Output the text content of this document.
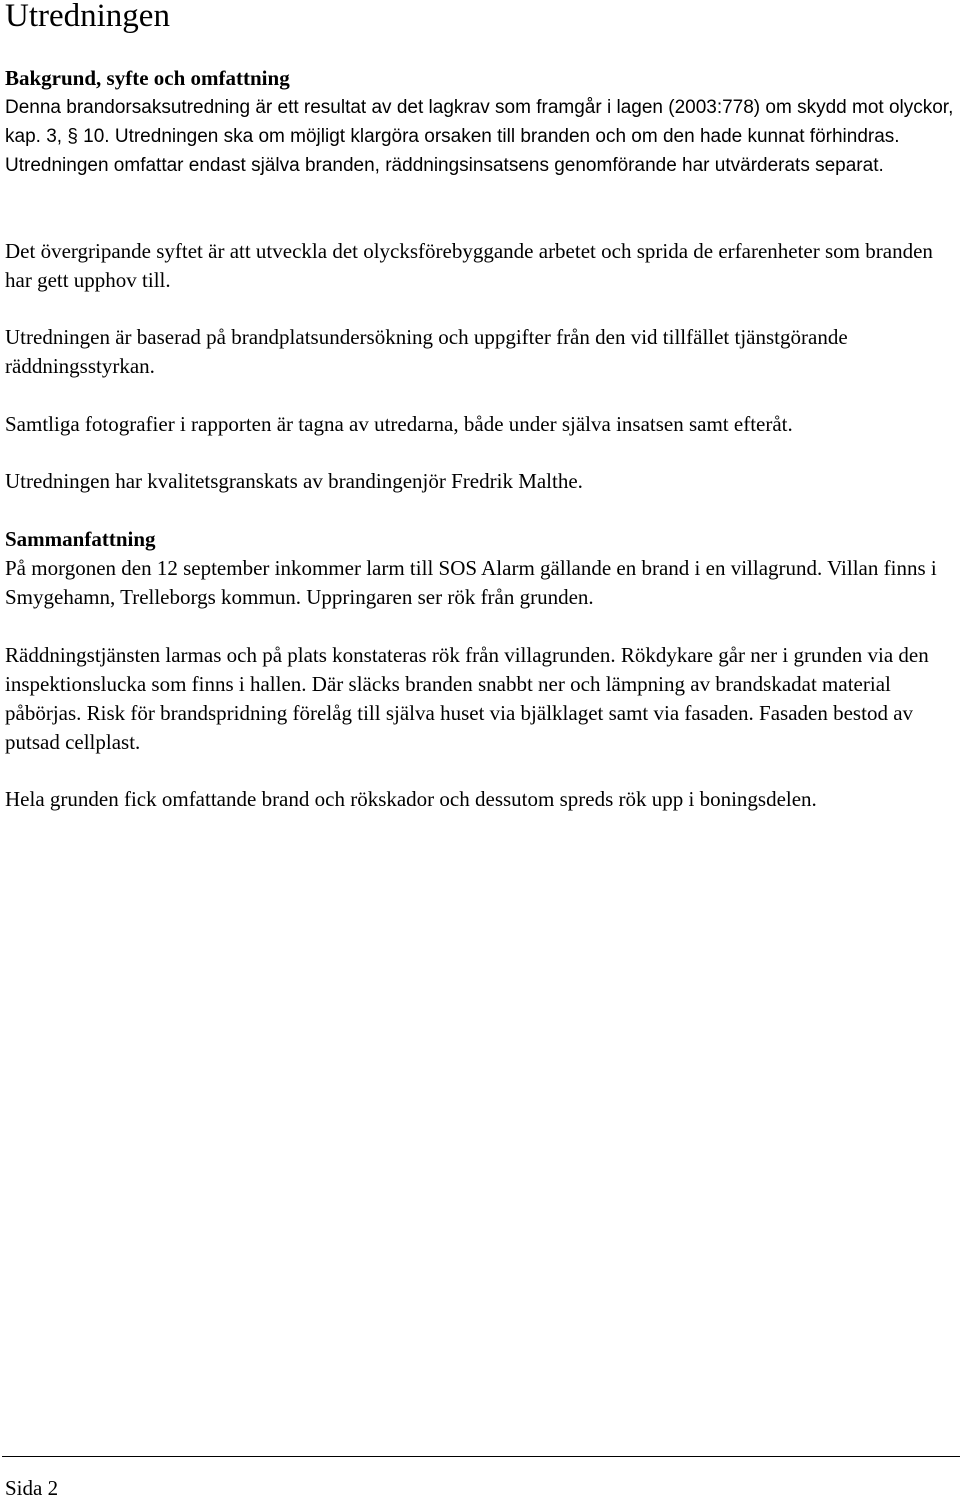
Utredningen
Bakgrund, syfte och omfattning

Denna brandorsaksutredning är ett resultat av det lagkrav som framgår i lagen (2003:778) om skydd mot olyckor, kap. 3, § 10. Utredningen ska om möjligt klargöra orsaken till branden och om den hade kunnat förhindras. Utredningen omfattar endast själva branden, räddningsinsatsens genomförande har utvärderats separat.

Det övergripande syftet är att utveckla det olycksförebyggande arbetet och sprida de erfarenheter som branden har gett upphov till.

Utredningen är baserad på brandplatsundersökning och uppgifter från den vid tillfället tjänstgörande räddningsstyrkan.

Samtliga fotografier i rapporten är tagna av utredarna, både under själva insatsen samt efteråt.

Utredningen har kvalitetsgranskats av brandingenjör Fredrik Malthe.

Sammanfattning

På morgonen den 12 september inkommer larm till SOS Alarm gällande en brand i en villagrund. Villan finns i Smygehamn, Trelleborgs kommun. Uppringaren ser rök från grunden.

Räddningstjänsten larmas och på plats konstateras rök från villagrunden. Rökdykare går ner i grunden via den inspektionslucka som finns i hallen. Där släcks branden snabbt ner och lämpning av brandskadat material påbörjas. Risk för brandspridning förelåg till själva huset via bjälklaget samt via fasaden. Fasaden bestod av putsad cellplast.

Hela grunden fick omfattande brand och rökskador och dessutom spreds rök upp i boningsdelen.

Sida 2
